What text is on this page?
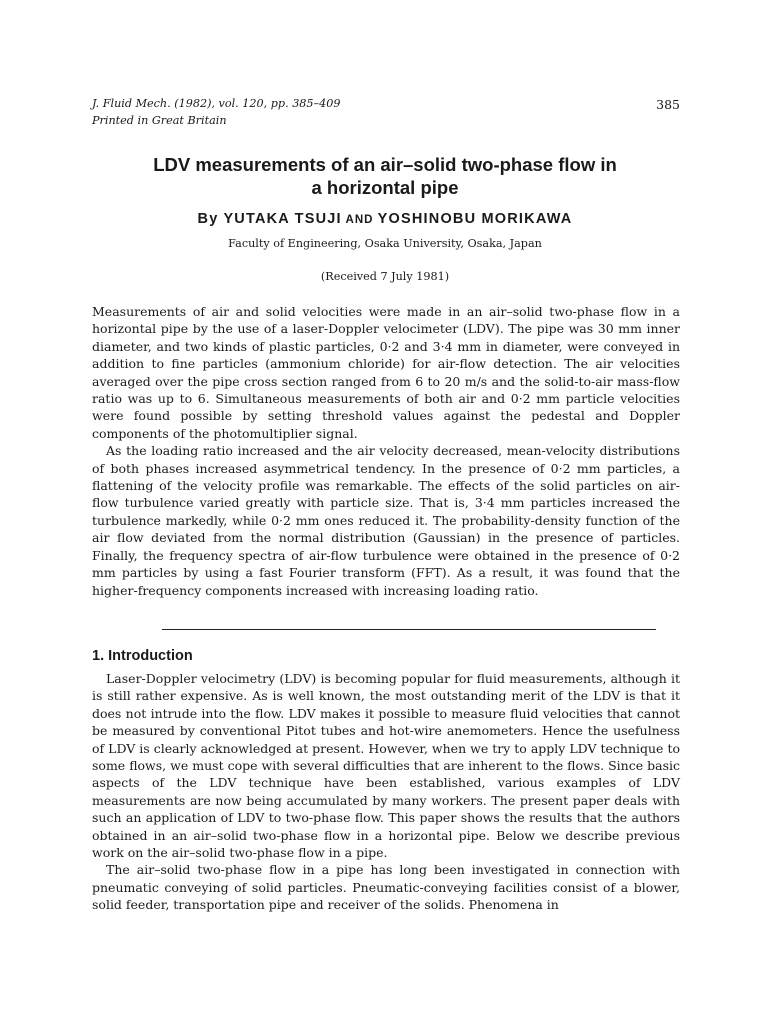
J. Fluid Mech. (1982), vol. 120, pp. 385–409
Printed in Great Britain
385
LDV measurements of an air–solid two-phase flow in
a horizontal pipe
By YUTAKA TSUJI AND YOSHINOBU MORIKAWA
Faculty of Engineering, Osaka University, Osaka, Japan
(Received 7 July 1981)

Measurements of air and solid velocities were made in an air–solid two-phase flow in a horizontal pipe by the use of a laser-Doppler velocimeter (LDV). The pipe was 30 mm inner diameter, and two kinds of plastic particles, 0·2 and 3·4 mm in diameter, were conveyed in addition to fine particles (ammonium chloride) for air-flow detection. The air velocities averaged over the pipe cross section ranged from 6 to 20 m/s and the solid-to-air mass-flow ratio was up to 6. Simultaneous measurements of both air and 0·2 mm particle velocities were found possible by setting threshold values against the pedestal and Doppler components of the photomultiplier signal.

As the loading ratio increased and the air velocity decreased, mean-velocity distributions of both phases increased asymmetrical tendency. In the presence of 0·2 mm particles, a flattening of the velocity profile was remarkable. The effects of the solid particles on air-flow turbulence varied greatly with particle size. That is, 3·4 mm particles increased the turbulence markedly, while 0·2 mm ones reduced it. The probability-density function of the air flow deviated from the normal distribution (Gaussian) in the presence of particles. Finally, the frequency spectra of air-flow turbulence were obtained in the presence of 0·2 mm particles by using a fast Fourier transform (FFT). As a result, it was found that the higher-frequency components increased with increasing loading ratio.

1. Introduction

Laser-Doppler velocimetry (LDV) is becoming popular for fluid measurements, although it is still rather expensive. As is well known, the most outstanding merit of the LDV is that it does not intrude into the flow. LDV makes it possible to measure fluid velocities that cannot be measured by conventional Pitot tubes and hot-wire anemometers. Hence the usefulness of LDV is clearly acknowledged at present. However, when we try to apply LDV technique to some flows, we must cope with several difficulties that are inherent to the flows. Since basic aspects of the LDV technique have been established, various examples of LDV measurements are now being accumulated by many workers. The present paper deals with such an application of LDV to two-phase flow. This paper shows the results that the authors obtained in an air–solid two-phase flow in a horizontal pipe. Below we describe previous work on the air–solid two-phase flow in a pipe.

The air–solid two-phase flow in a pipe has long been investigated in connection with pneumatic conveying of solid particles. Pneumatic-conveying facilities consist of a blower, solid feeder, transportation pipe and receiver of the solids. Phenomena in
